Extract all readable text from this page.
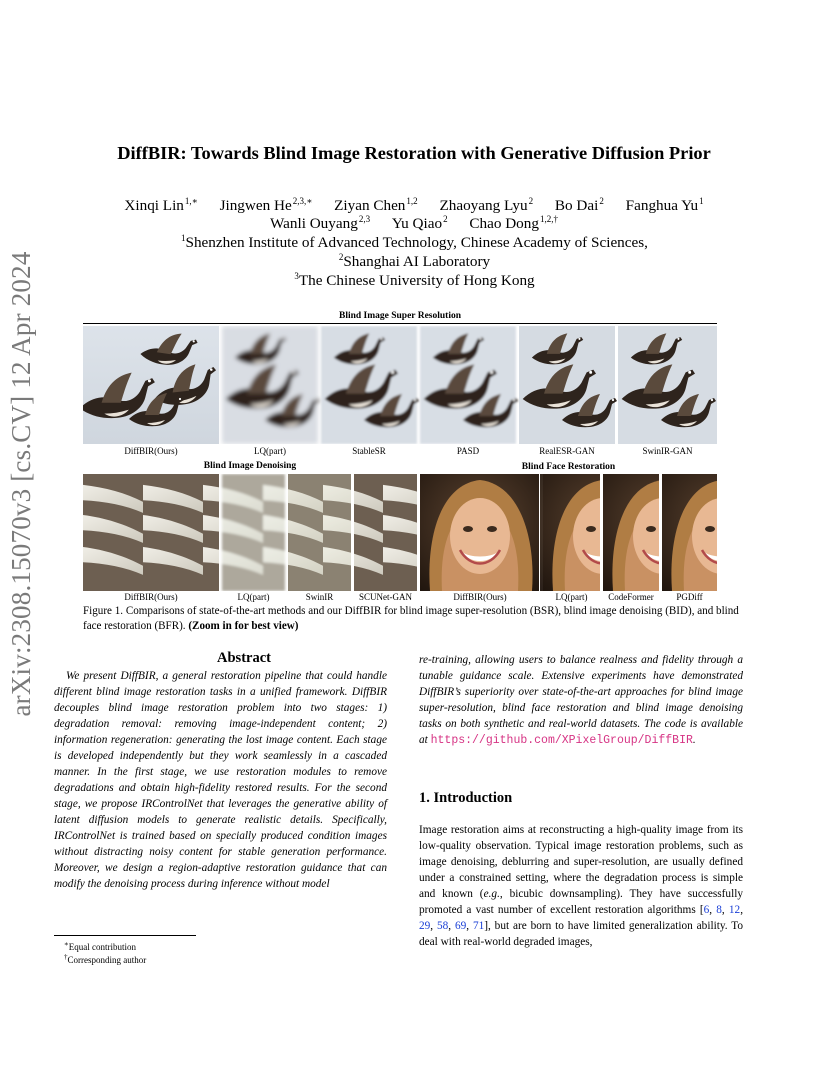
arXiv:2308.15070v3 [cs.CV] 12 Apr 2024
DiffBIR: Towards Blind Image Restoration with Generative Diffusion Prior
Xinqi Lin$^{1,∗}$ Jingwen $He^{2,3,∗}$ Ziyan Chen$^{1,2}$ Zhaoyang Lyu$^2$ Bo Dai$^2$ Fanghua Yu$^1$
Wanli Ouyang$^{2,3}$ Yu Qiao$^2$ Chao Dong$^{1,2,\dagger}$
$^1$Shenzhen Institute of Advanced Technology, Chinese Academy of Sciences,
$^2$Shanghai AI Laboratory
$^3$The Chinese University of Hong Kong
Blind Image Super Resolution
DiffBIR(Ours)	LQ(part)	StableSR	PASD	RealESR-GAN	SwinIR-GAN
Blind Image Denoising	Blind Face Restoration
DiffBIR(Ours)	LQ(part)	SwinIR	SCUNet-GAN	DiffBIR(Ours)	LQ(part)	CodeFormer	PGDiff
Figure 1. Comparisons of state-of-the-art methods and our DiffBIR for blind image super-resolution (BSR), blind image denoising (BID), and blind face restoration (BFR). (Zoom in for best view)
Abstract
We present DiffBIR, a general restoration pipeline that could handle different blind image restoration tasks in a unified framework. DiffBIR decouples blind image restoration problem into two stages: 1) degradation removal: removing image-independent content; 2) information regeneration: generating the lost image content. Each stage is developed independently but they work seamlessly in a cascaded manner. In the first stage, we use restoration modules to remove degradations and obtain high-fidelity restored results. For the second stage, we propose IRControlNet that leverages the generative ability of latent diffusion models to generate realistic details. Specifically, IRControlNet is trained based on specially produced condition images without distracting noisy content for stable generation performance. Moreover, we design a region-adaptive restoration guidance that can modify the denoising process during inference without model
re-training, allowing users to balance realness and fidelity through a tunable guidance scale. Extensive experiments have demonstrated DiffBIR’s superiority over state-of-the-art approaches for blind image super-resolution, blind face restoration and blind image denoising tasks on both synthetic and real-world datasets. The code is available at https://github.com/XPixelGroup/DiffBIR.
1. Introduction
Image restoration aims at reconstructing a high-quality image from its low-quality observation. Typical image restoration problems, such as image denoising, deblurring and super-resolution, are usually defined under a constrained setting, where the degradation process is simple and known (e.g., bicubic downsampling). They have successfully promoted a vast number of excellent restoration algorithms [6, 8, 12, 29, 58, 69, 71], but are born to have limited generalization ability. To deal with real-world degraded images,
∗Equal contribution
†Corresponding author
